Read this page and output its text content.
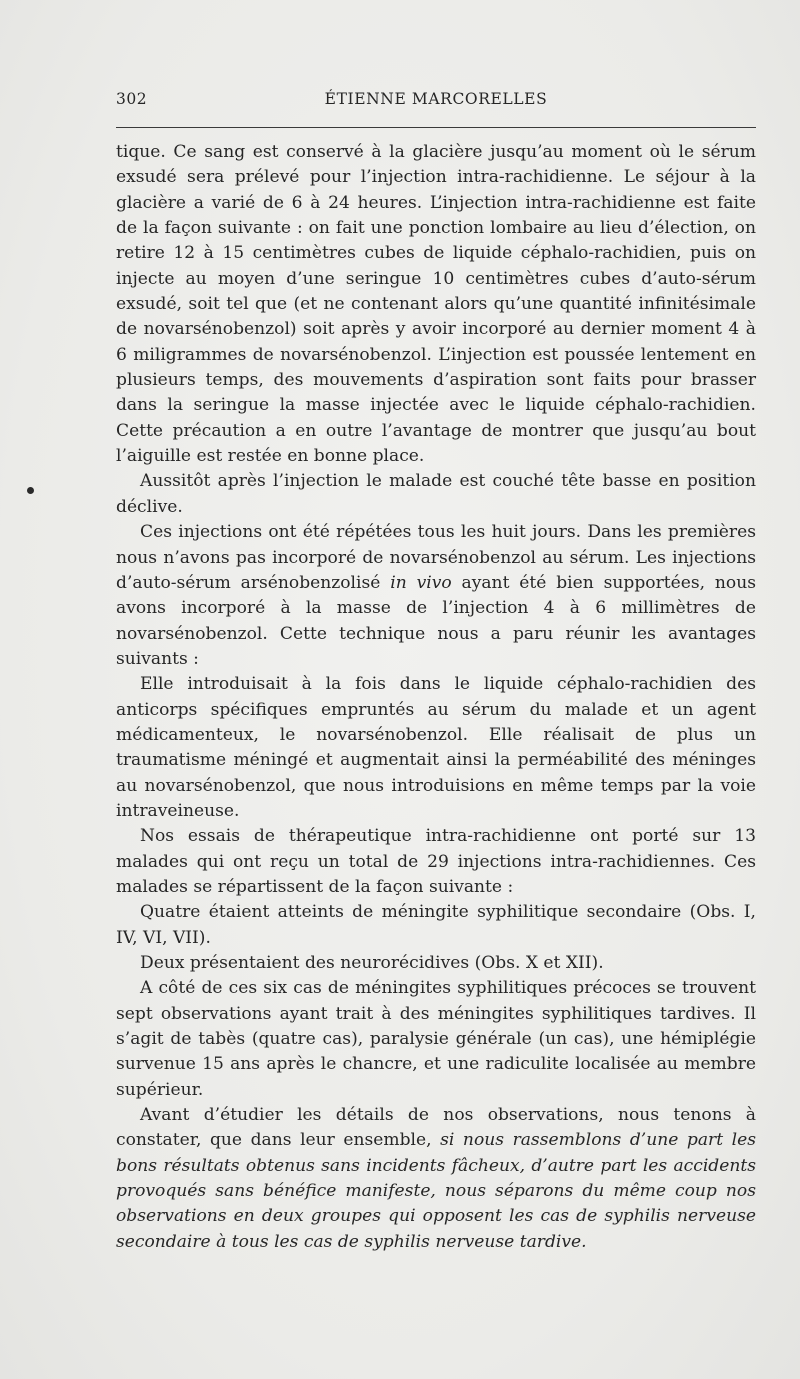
302	ÉTIENNE MARCORELLES

tique. Ce sang est conservé à la glacière jusqu’au moment où le sérum exsudé sera prélevé pour l’injection intra-rachidienne. Le séjour à la glacière a varié de 6 à 24 heures. L’injection intra-rachidienne est faite de la façon suivante : on fait une ponction lombaire au lieu d’élection, on retire 12 à 15 centimètres cubes de liquide céphalo-rachidien, puis on injecte au moyen d’une seringue 10 centimètres cubes d’auto-sérum exsudé, soit tel que (et ne contenant alors qu’une quantité infinitésimale de novarsénobenzol) soit après y avoir incorporé au dernier moment 4 à 6 miligrammes de novarsénobenzol. L’injection est poussée lentement en plusieurs temps, des mouvements d’aspiration sont faits pour brasser dans la seringue la masse injectée avec le liquide céphalo-rachidien. Cette précaution a en outre l’avantage de montrer que jusqu’au bout l’aiguille est restée en bonne place.

Aussitôt après l’injection le malade est couché tête basse en position déclive.

Ces injections ont été répétées tous les huit jours. Dans les premières nous n’avons pas incorporé de novarsénobenzol au sérum. Les injections d’auto-sérum arsénobenzolisé in vivo ayant été bien supportées, nous avons incorporé à la masse de l’injection 4 à 6 millimètres de novarsénobenzol. Cette technique nous a paru réunir les avantages suivants :

Elle introduisait à la fois dans le liquide céphalo-rachidien des anticorps spécifiques empruntés au sérum du malade et un agent médicamenteux, le novarsénobenzol. Elle réalisait de plus un traumatisme méningé et augmentait ainsi la perméabilité des méninges au novarsénobenzol, que nous introduisions en même temps par la voie intraveineuse.

Nos essais de thérapeutique intra-rachidienne ont porté sur 13 malades qui ont reçu un total de 29 injections intra-rachidiennes. Ces malades se répartissent de la façon suivante :

Quatre étaient atteints de méningite syphilitique secondaire (Obs. I, IV, VI, VII).

Deux présentaient des neurorécidives (Obs. X et XII).

A côté de ces six cas de méningites syphilitiques précoces se trouvent sept observations ayant trait à des méningites syphilitiques tardives. Il s’agit de tabès (quatre cas), paralysie générale (un cas), une hémiplégie survenue 15 ans après le chancre, et une radiculite localisée au membre supérieur.

Avant d’étudier les détails de nos observations, nous tenons à constater, que dans leur ensemble, si nous rassemblons d’une part les bons résultats obtenus sans incidents fâcheux, d’autre part les accidents provoqués sans bénéfice manifeste, nous séparons du même coup nos observations en deux groupes qui opposent les cas de syphilis nerveuse secondaire à tous les cas de syphilis nerveuse tardive.
